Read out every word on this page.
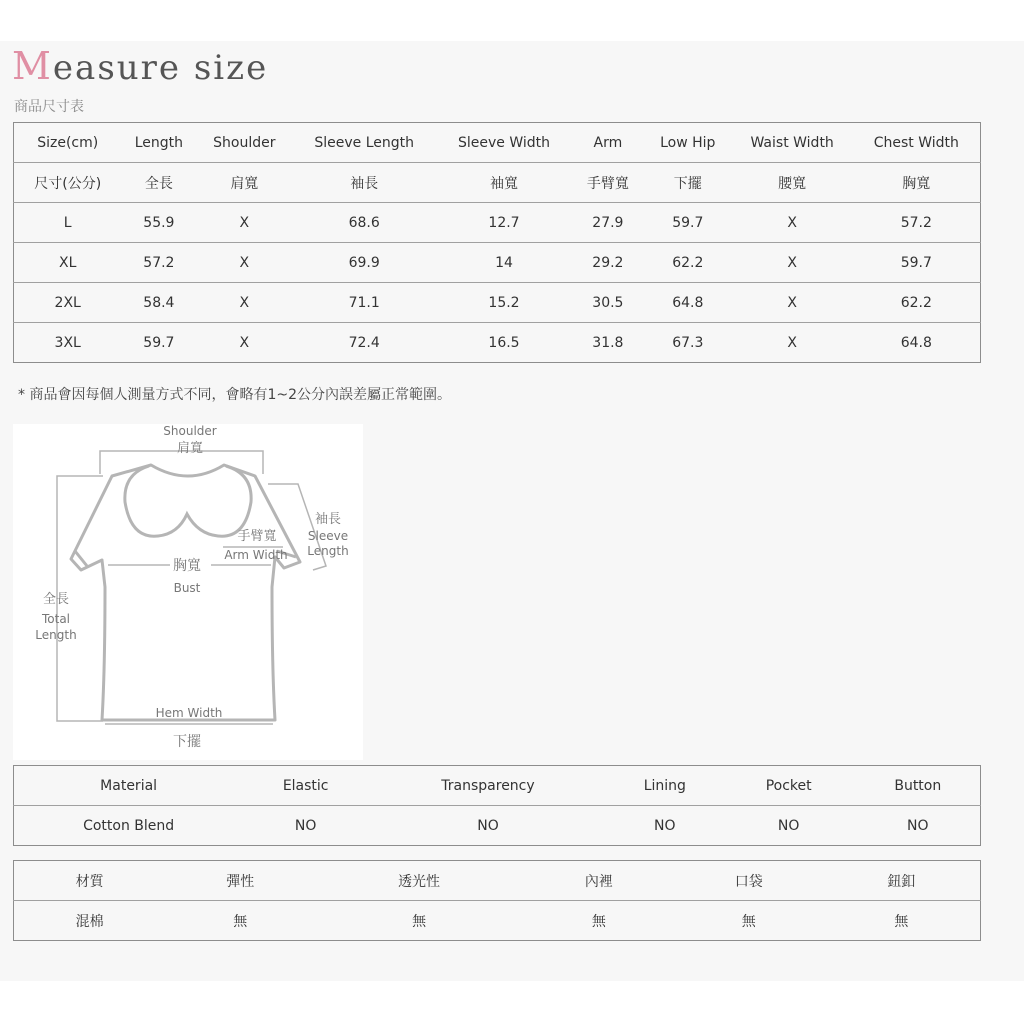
Measure size
商品尺寸表
Size(cm)	Length	Shoulder	Sleeve Length	Sleeve Width	Arm	Low Hip	Waist Width	Chest Width
尺寸(公分)	全長	肩寬	袖長	袖寬	手臂寬	下擺	腰寬	胸寬
L	55.9	X	68.6	12.7	27.9	59.7	X	57.2
XL	57.2	X	69.9	14	29.2	62.2	X	59.7
2XL	58.4	X	71.1	15.2	30.5	64.8	X	62.2
3XL	59.7	X	72.4	16.5	31.8	67.3	X	64.8
* 商品會因每個人測量方式不同，會略有1~2公分內誤差屬正常範圍。
Shoulder
肩寬
袖長
Sleeve
Length
手臂寬
Arm Width
胸寬
Bust
全長
Total
Length
Hem Width
下擺
Material	Elastic	Transparency	Lining	Pocket	Button
Cotton Blend	NO	NO	NO	NO	NO
材質	彈性	透光性	內裡	口袋	鈕釦
混棉	無	無	無	無	無
